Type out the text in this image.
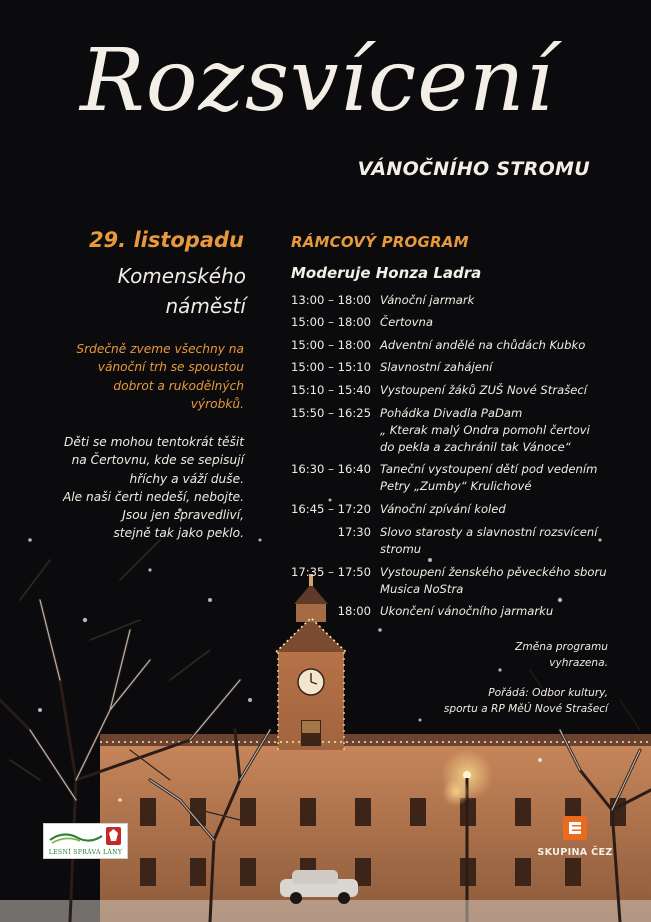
Rozsvícení
VÁNOČNÍHO STROMU
29. listopadu
Komenského
náměstí
Srdečně zveme všechny na
vánoční trh se spoustou
dobrot a rukodělných
výrobků.
Děti se mohou tentokrát těšit
na Čertovnu, kde se sepisují
hříchy a váží duše.
Ale naši čerti nedeší, nebojte.
Jsou jen spravedliví,
stejně tak jako peklo.
RÁMCOVÝ PROGRAM
Moderuje Honza Ladra
13:00 – 18:00 Vánoční jarmark
15:00 – 18:00 Čertovna
15:00 – 18:00 Adventní andělé na chůdách Kubko
15:00 – 15:10 Slavnostní zahájení
15:10 – 15:40 Vystoupení žáků ZUŠ Nové Strašecí
15:50 – 16:25 Pohádka Divadla PaDam
„ Kterak malý Ondra pomohl čertovi
do pekla a zachránil tak Vánoce“
16:30 – 16:40 Taneční vystoupení dětí pod vedením
Petry „Zumby“ Krulichové
16:45 – 17:20 Vánoční zpívání koled
17:30 Slovo starosty a slavnostní rozsvícení
stromu
17:35 – 17:50 Vystoupení ženského pěveckého sboru
Musica NoStra
18:00 Ukončení vánočního jarmarku
Změna programu
vyhrazena.
Pořádá: Odbor kultury,
sportu a RP MěÚ Nové Strašecí
LESNÍ SPRÁVA LÁNY	SKUPINA ČEZ
